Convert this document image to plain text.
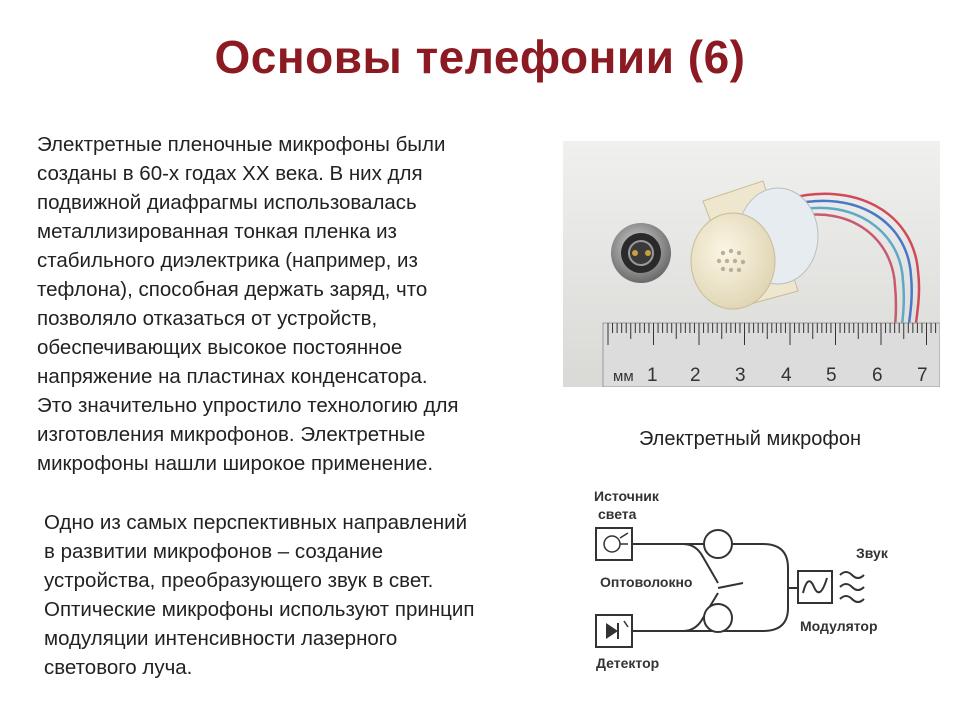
Основы телефонии (6)
Электретные пленочные микрофоны были
созданы в 60-х годах XX века. В них для
подвижной диафрагмы использовалась
металлизированная тонкая пленка из
стабильного диэлектрика (например, из
тефлона), способная держать заряд, что
позволяло отказаться от устройств,
обеспечивающих высокое постоянное
напряжение на пластинах конденсатора.
Это значительно упростило технологию для
изготовления микрофонов. Электретные
микрофоны нашли широкое применение.
мм 1 2 3 4 5 6 7
Электретный микрофон
Одно из самых перспективных направлений
в развитии микрофонов – создание
устройства, преобразующего звук в свет.
Оптические микрофоны используют принцип
модуляции интенсивности лазерного
светового луча.
Источник
света
Детектор
Оптоволокно
Модулятор
Звук
